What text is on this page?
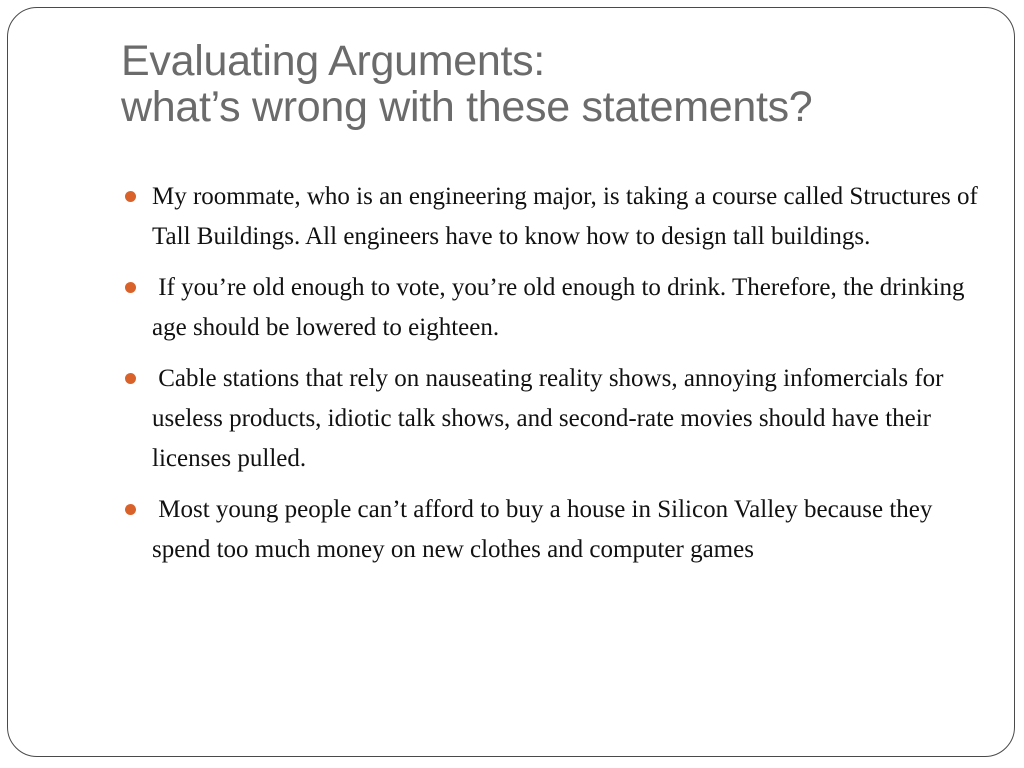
Evaluating Arguments:
what’s wrong with these statements?
My roommate, who is an engineering major, is taking a course called Structures of Tall Buildings. All engineers have to know how to design tall buildings.
If you’re old enough to vote, you’re old enough to drink. Therefore, the drinking age should be lowered to eighteen.
Cable stations that rely on nauseating reality shows, annoying infomercials for useless products, idiotic talk shows, and second-rate movies should have their licenses pulled.
Most young people can’t afford to buy a house in Silicon Valley because they spend too much money on new clothes and computer games
